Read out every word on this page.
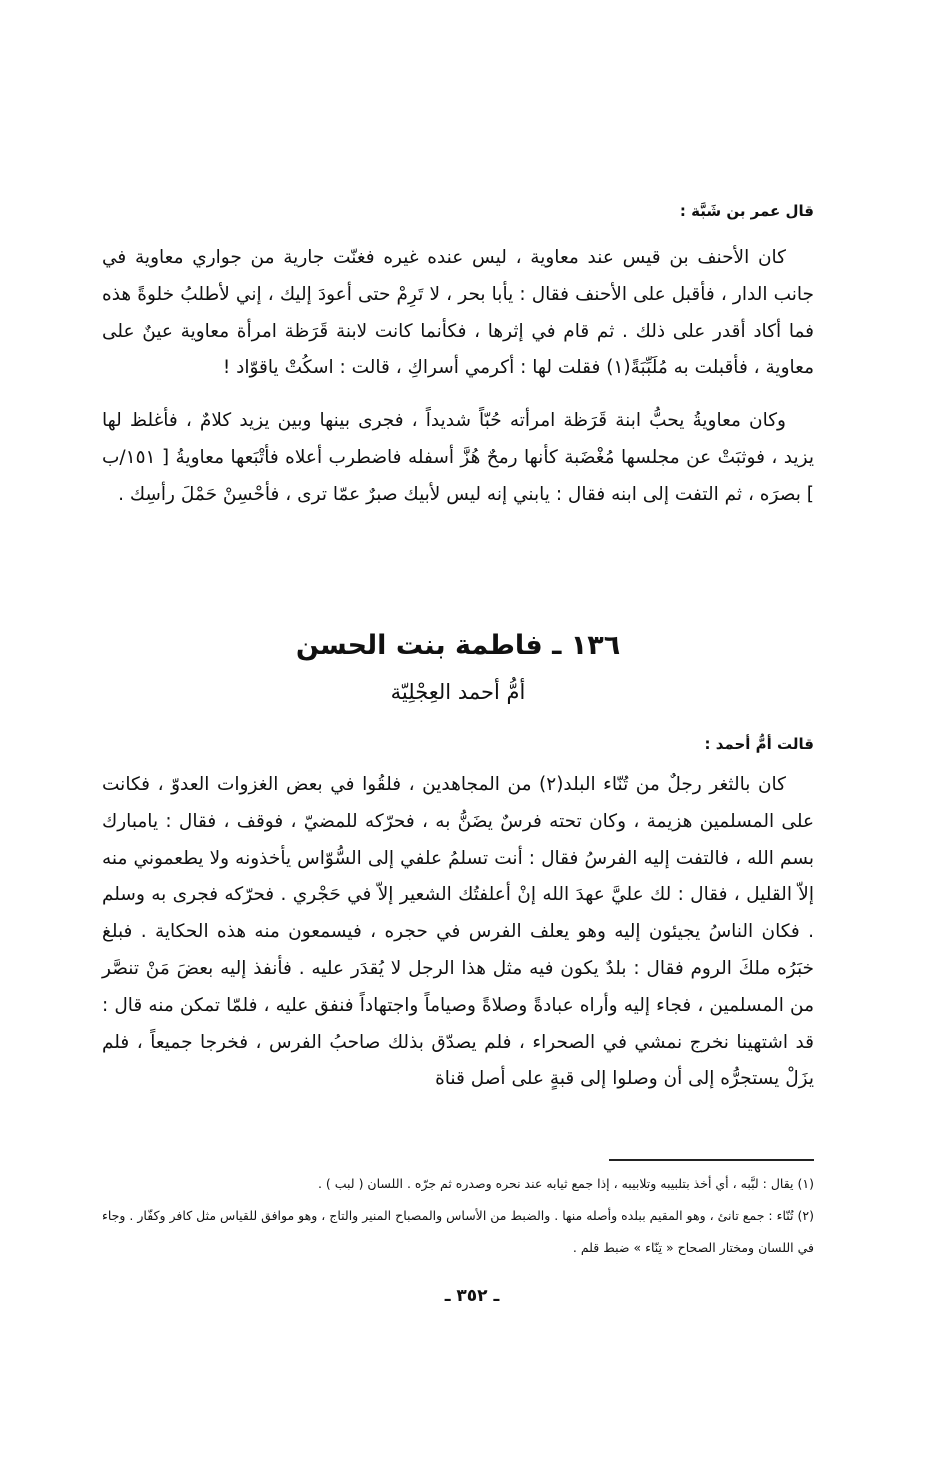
قال عمر بن شَبَّة :

كان الأحنف بن قيس عند معاوية ، ليس عنده غيره فغنّت جارية من جواري معاوية في جانب الدار ، فأقبل على الأحنف فقال : يأبا بحر ، لا تَرِمْ حتى أعودَ إليك ، إني لأطلبُ خلوةً هذه فما أكاد أقدر على ذلك . ثم قام في إثرها ، فكأنما كانت لابنة قَرَظة امرأة معاوية عينٌ على معاوية ، فأقبلت به مُلَبِّبَةً(١) فقلت لها : أكرمي أسراكِ ، قالت : اسكُتْ ياقوّاد !

وكان معاويةُ يحبُّ ابنة قَرَظة امرأته حُبّاً شديداً ، فجرى بينها وبين يزيد كلامٌ ، فأغلظ لها يزيد ، فوثبَتْ عن مجلسها مُغْضَبة كأنها رمحٌ هُزَّ أسفله فاضطرب أعلاه فأتْبَعها معاويةُ [ ١٥١/ب ] بصرَه ، ثم التفت إلى ابنه فقال : يابني إنه ليس لأبيك صبرٌ عمّا ترى ، فأحْسِنْ حَمْلَ رأسِك .

١٣٦ ـ فاطمة بنت الحسن
أمُّ أحمد العِجْلِيّة
قالت أمُّ أحمد :

كان بالثغر رجلٌ من تُنّاء البلد(٢) من المجاهدين ، فلقُوا في بعض الغزوات العدوّ ، فكانت على المسلمين هزيمة ، وكان تحته فرسٌ يضَنُّ به ، فحرّكه للمضيّ ، فوقف ، فقال : يامبارك بسم الله ، فالتفت إليه الفرسُ فقال : أنت تسلمُ علفي إلى السُّوّاس يأخذونه ولا يطعموني منه إلاّ القليل ، فقال : لك عليَّ عهدَ الله إنْ أعلفتُك الشعير إلاّ في حَجْري . فحرّكه فجرى به وسلم . فكان الناسُ يجيئون إليه وهو يعلف الفرس في حجره ، فيسمعون منه هذه الحكاية . فبلغ خبَرُه ملكَ الروم فقال : بلدٌ يكون فيه مثل هذا الرجل لا يُقدَر عليه . فأنفذ إليه بعضَ مَنْ تنصَّر من المسلمين ، فجاء إليه وأراه عبادةً وصلاةً وصياماً واجتهاداً فنفق عليه ، فلمّا تمكن منه قال : قد اشتهينا نخرج نمشي في الصحراء ، فلم يصدّق بذلك صاحبُ الفرس ، فخرجا جميعاً ، فلم يزَلْ يستجرُّه إلى أن وصلوا إلى قبةٍ على أصل قناة

(١) يقال : لبَّبه ، أي أخذ بتلبيبه وتلابيبه ، إذا جمع ثيابه عند نحره وصدره ثم جرّه . اللسان ( لبب ) .

(٢) تُنّاء : جمع تانئ ، وهو المقيم ببلده وأصله منها . والضبط من الأساس والمصباح المنير والتاج ، وهو موافق للقياس مثل كافر وكفّار . وجاء في اللسان ومختار الصحاح « تِنّاء » ضبط قلم .

ـ ٣٥٢ ـ
